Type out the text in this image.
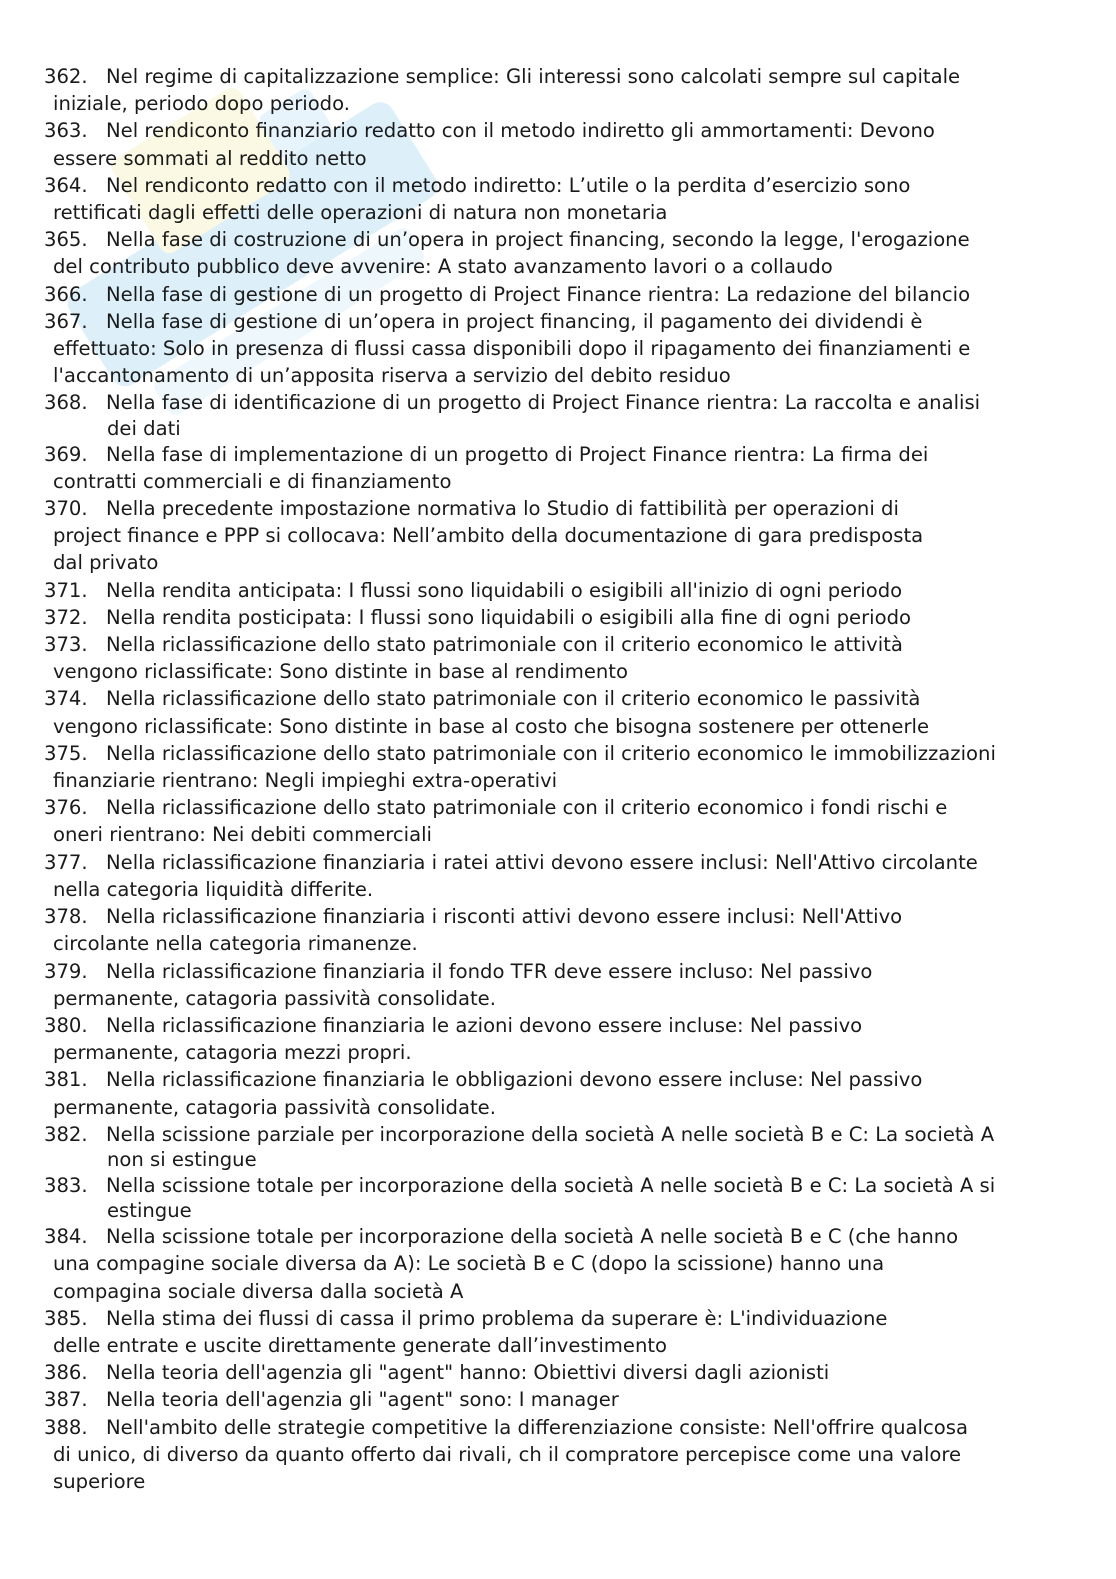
362. Nel regime di capitalizzazione semplice: Gli interessi sono calcolati sempre sul capitale
iniziale, periodo dopo periodo.
363. Nel rendiconto finanziario redatto con il metodo indiretto gli ammortamenti: Devono
essere sommati al reddito netto
364. Nel rendiconto redatto con il metodo indiretto: L’utile o la perdita d’esercizio sono
rettificati dagli effetti delle operazioni di natura non monetaria
365. Nella fase di costruzione di un’opera in project financing, secondo la legge, l'erogazione
del contributo pubblico deve avvenire: A stato avanzamento lavori o a collaudo
366. Nella fase di gestione di un progetto di Project Finance rientra: La redazione del bilancio
367. Nella fase di gestione di un’opera in project financing, il pagamento dei dividendi è
effettuato: Solo in presenza di flussi cassa disponibili dopo il ripagamento dei finanziamenti e
l'accantonamento di un’apposita riserva a servizio del debito residuo
368. Nella fase di identificazione di un progetto di Project Finance rientra: La raccolta e analisi
dei dati
369. Nella fase di implementazione di un progetto di Project Finance rientra: La firma dei
contratti commerciali e di finanziamento
370. Nella precedente impostazione normativa lo Studio di fattibilità per operazioni di
project finance e PPP si collocava: Nell’ambito della documentazione di gara predisposta
dal privato
371. Nella rendita anticipata: I flussi sono liquidabili o esigibili all'inizio di ogni periodo
372. Nella rendita posticipata: I flussi sono liquidabili o esigibili alla fine di ogni periodo
373. Nella riclassificazione dello stato patrimoniale con il criterio economico le attività
vengono riclassificate: Sono distinte in base al rendimento
374. Nella riclassificazione dello stato patrimoniale con il criterio economico le passività
vengono riclassificate: Sono distinte in base al costo che bisogna sostenere per ottenerle
375. Nella riclassificazione dello stato patrimoniale con il criterio economico le immobilizzazioni
finanziarie rientrano: Negli impieghi extra-operativi
376. Nella riclassificazione dello stato patrimoniale con il criterio economico i fondi rischi e
oneri rientrano: Nei debiti commerciali
377. Nella riclassificazione finanziaria i ratei attivi devono essere inclusi: Nell'Attivo circolante
nella categoria liquidità differite.
378. Nella riclassificazione finanziaria i risconti attivi devono essere inclusi: Nell'Attivo
circolante nella categoria rimanenze.
379. Nella riclassificazione finanziaria il fondo TFR deve essere incluso: Nel passivo
permanente, catagoria passività consolidate.
380. Nella riclassificazione finanziaria le azioni devono essere incluse: Nel passivo
permanente, catagoria mezzi propri.
381. Nella riclassificazione finanziaria le obbligazioni devono essere incluse: Nel passivo
permanente, catagoria passività consolidate.
382. Nella scissione parziale per incorporazione della società A nelle società B e C: La società A
non si estingue
383. Nella scissione totale per incorporazione della società A nelle società B e C: La società A si
estingue
384. Nella scissione totale per incorporazione della società A nelle società B e C (che hanno
una compagine sociale diversa da A): Le società B e C (dopo la scissione) hanno una
compagina sociale diversa dalla società A
385. Nella stima dei flussi di cassa il primo problema da superare è: L'individuazione
delle entrate e uscite direttamente generate dall’investimento
386. Nella teoria dell'agenzia gli "agent" hanno: Obiettivi diversi dagli azionisti
387. Nella teoria dell'agenzia gli "agent" sono: I manager
388. Nell'ambito delle strategie competitive la differenziazione consiste: Nell'offrire qualcosa
di unico, di diverso da quanto offerto dai rivali, ch il compratore percepisce come una valore
superiore
